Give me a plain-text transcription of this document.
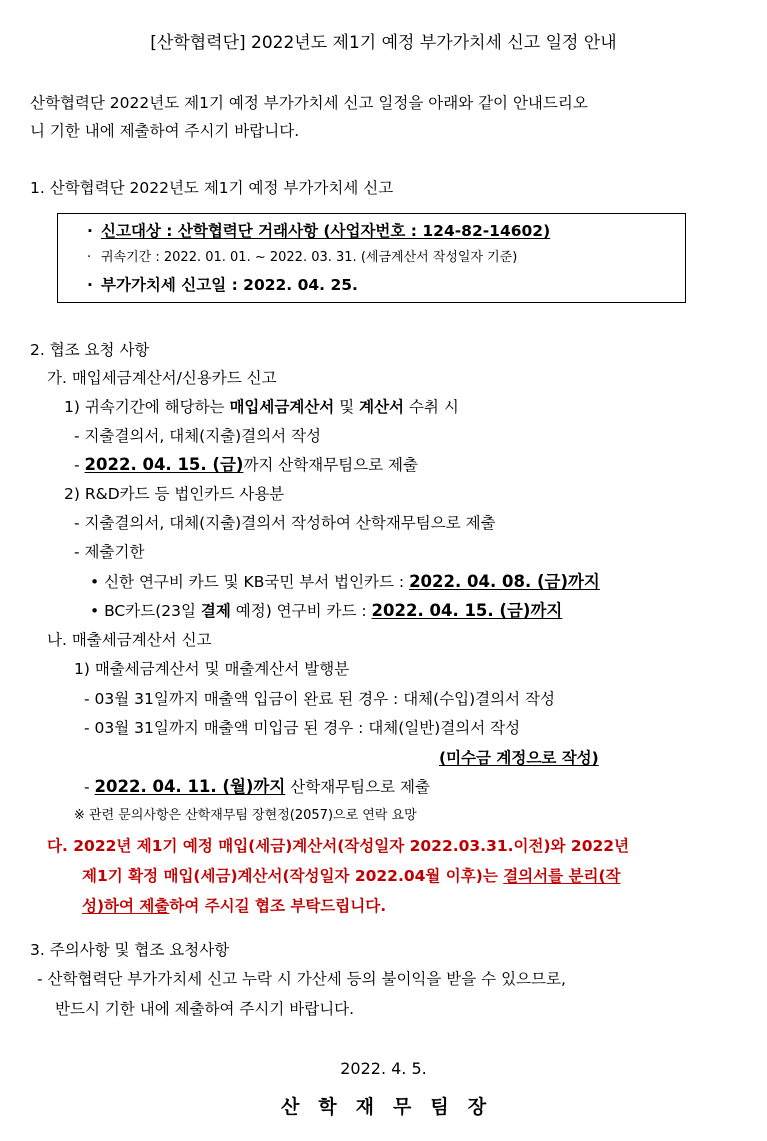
[산학협력단] 2022년도 제1기 예정 부가가치세 신고 일정 안내
산학협력단 2022년도 제1기 예정 부가가치세 신고 일정을 아래와 같이 안내드리오
니 기한 내에 제출하여 주시기 바랍니다.
1. 산학협력단 2022년도 제1기 예정 부가가치세 신고
· 신고대상 : 산학협력단 거래사항 (사업자번호 : 124-82-14602)
· 귀속기간 : 2022. 01. 01. ~ 2022. 03. 31. (세금계산서 작성일자 기준)
· 부가가치세 신고일 : 2022. 04. 25.
2. 협조 요청 사항
가. 매입세금계산서/신용카드 신고
1) 귀속기간에 해당하는 매입세금계산서 및 계산서 수취 시
- 지출결의서, 대체(지출)결의서 작성
- 2022. 04. 15. (금)까지 산학재무팀으로 제출
2) R&D카드 등 법인카드 사용분
- 지출결의서, 대체(지출)결의서 작성하여 산학재무팀으로 제출
- 제출기한
• 신한 연구비 카드 및 KB국민 부서 법인카드 : 2022. 04. 08. (금)까지
• BC카드(23일 결제 예정) 연구비 카드 : 2022. 04. 15. (금)까지
나. 매출세금계산서 신고
1) 매출세금계산서 및 매출계산서 발행분
- 03월 31일까지 매출액 입금이 완료 된 경우 : 대체(수입)결의서 작성
- 03월 31일까지 매출액 미입금 된 경우 : 대체(일반)결의서 작성
(미수금 계정으로 작성)
- 2022. 04. 11. (월)까지 산학재무팀으로 제출
※ 관련 문의사항은 산학재무팀 장현정(2057)으로 연락 요망
다. 2022년 제1기 예정 매입(세금)계산서(작성일자 2022.03.31.이전)와 2022년
제1기 확정 매입(세금)계산서(작성일자 2022.04월 이후)는 결의서를 분리(작
성)하여 제출하여 주시길 협조 부탁드립니다.
3. 주의사항 및 협조 요청사항
- 산학협력단 부가가치세 신고 누락 시 가산세 등의 불이익을 받을 수 있으므로,
반드시 기한 내에 제출하여 주시기 바랍니다.
2022. 4. 5.
산　학　재　무　팀　장
